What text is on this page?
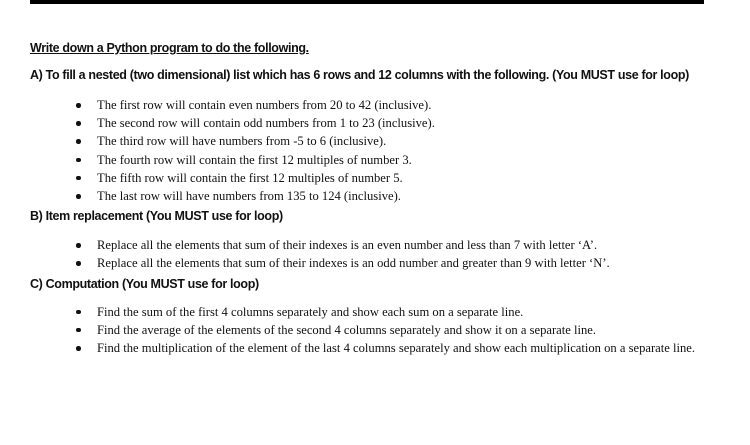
Write down a Python program to do the following.

A) To fill a nested (two dimensional) list which has 6 rows and 12 columns with the following. (You MUST use for loop)

The first row will contain even numbers from 20 to 42 (inclusive).
The second row will contain odd numbers from 1 to 23 (inclusive).
The third row will have numbers from -5 to 6 (inclusive).
The fourth row will contain the first 12 multiples of number 3.
The fifth row will contain the first 12 multiples of number 5.
The last row will have numbers from 135 to 124 (inclusive).

B) Item replacement (You MUST use for loop)

Replace all the elements that sum of their indexes is an even number and less than 7 with letter ‘A’.
Replace all the elements that sum of their indexes is an odd number and greater than 9 with letter ‘N’.

C) Computation (You MUST use for loop)

Find the sum of the first 4 columns separately and show each sum on a separate line.
Find the average of the elements of the second 4 columns separately and show it on a separate line.
Find the multiplication of the element of the last 4 columns separately and show each multiplication on a separate line.
